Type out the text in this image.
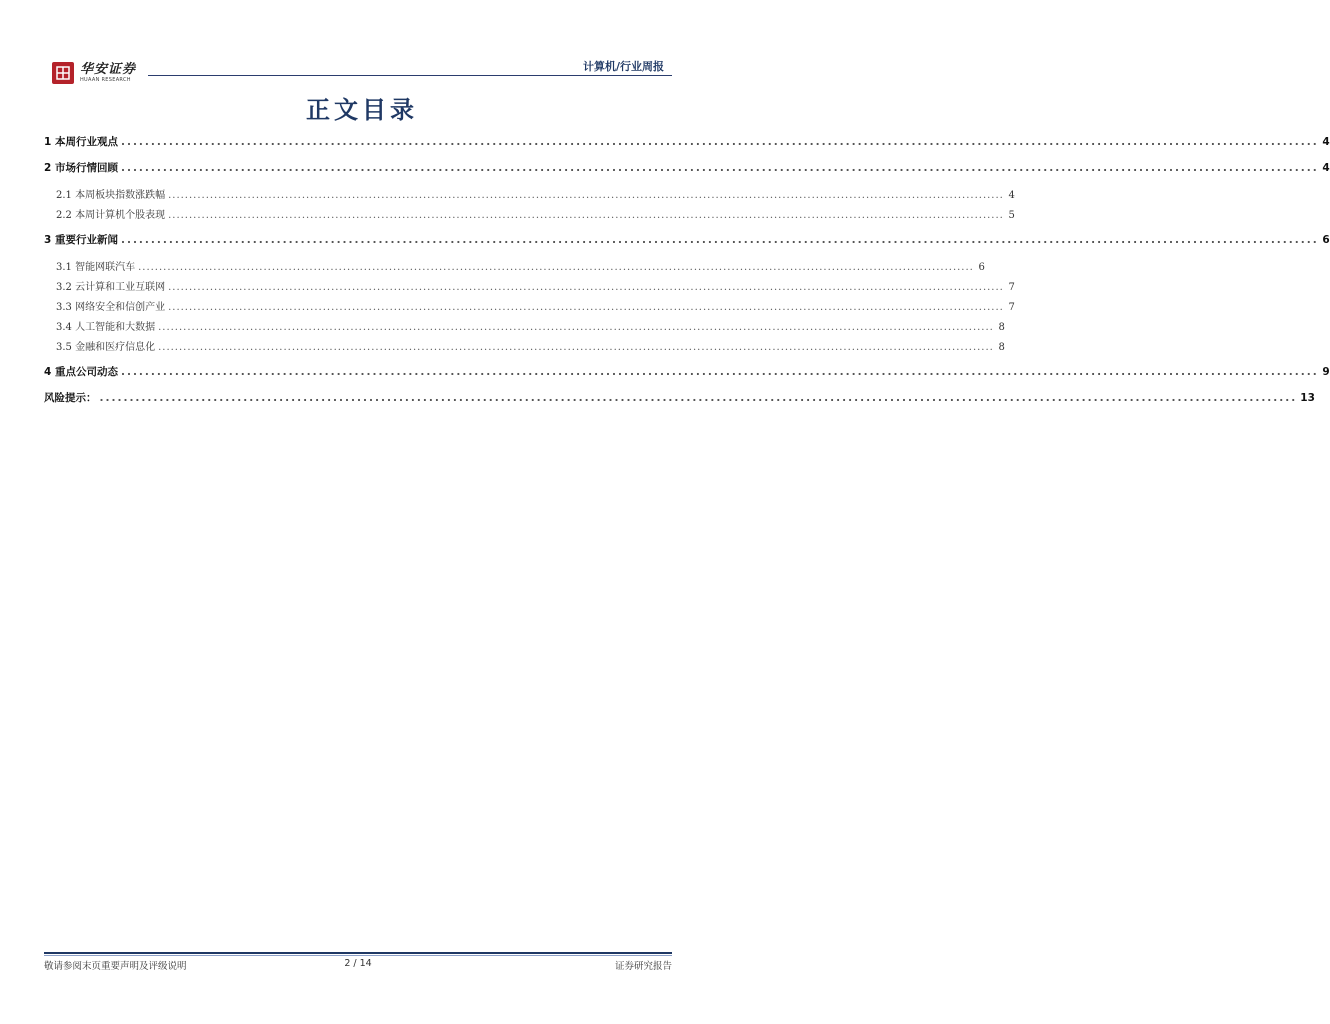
华安证券
HUAAN RESEARCH
计算机/行业周报
正文目录
1 本周行业观点 ........................................................................................................................................................................................................ 4
2 市场行情回顾 ........................................................................................................................................................................................................ 4
2.1 本周板块指数涨跌幅 ........................................................................................................................................................................................................ 4
2.2 本周计算机个股表现 ........................................................................................................................................................................................................ 5
3 重要行业新闻 ........................................................................................................................................................................................................ 6
3.1 智能网联汽车 ........................................................................................................................................................................................................ 6
3.2 云计算和工业互联网 ........................................................................................................................................................................................................ 7
3.3 网络安全和信创产业 ........................................................................................................................................................................................................ 7
3.4 人工智能和大数据 ........................................................................................................................................................................................................ 8
3.5 金融和医疗信息化 ........................................................................................................................................................................................................ 8
4 重点公司动态 ........................................................................................................................................................................................................ 9
风险提示： ........................................................................................................................................................................................................ 13
敬请参阅末页重要声明及评级说明	2 / 14	证券研究报告
